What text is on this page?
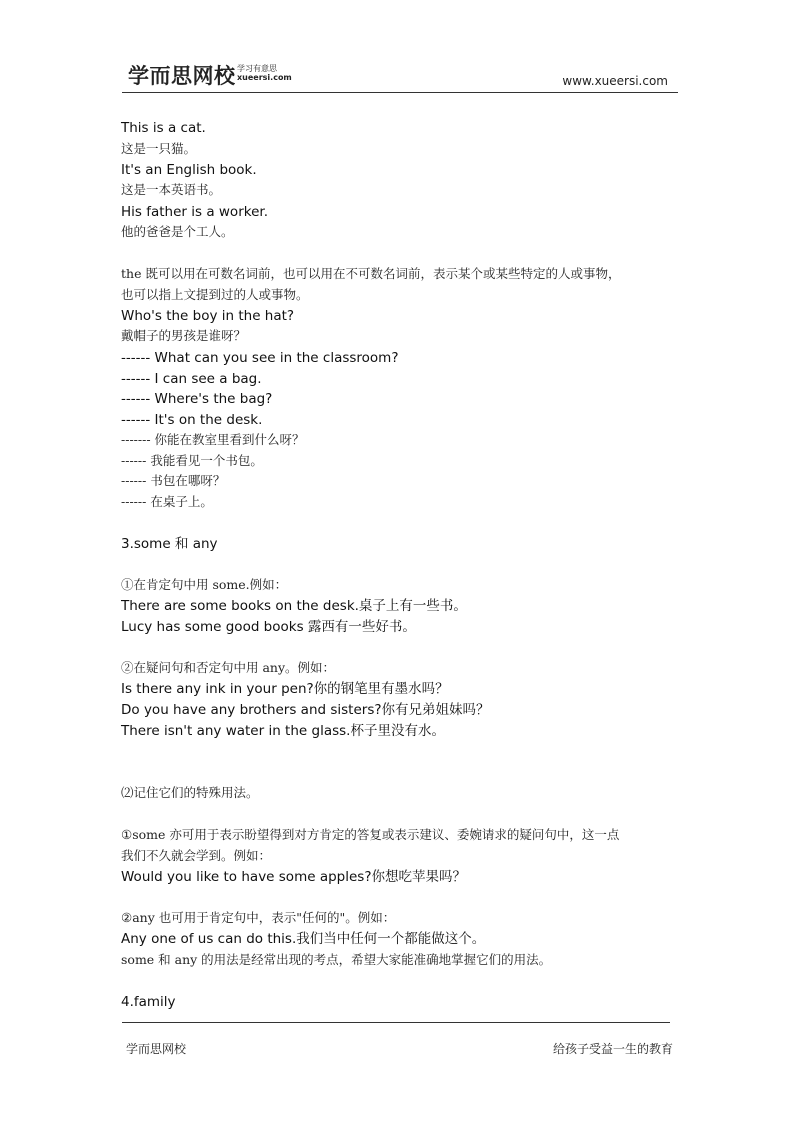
学而思网校 学习有意思
xueersi.com	www.xueersi.com
This is a cat.
这是一只猫。
It's an English book.
这是一本英语书。
His father is a worker.
他的爸爸是个工人。
the 既可以用在可数名词前，也可以用在不可数名词前，表示某个或某些特定的人或事物，
也可以指上文提到过的人或事物。
Who's the boy in the hat?
戴帽子的男孩是谁呀？
------ What can you see in the classroom?
------ I can see a bag.
------ Where's the bag?
------ It's on the desk.
------- 你能在教室里看到什么呀？
------ 我能看见一个书包。
------ 书包在哪呀？
------ 在桌子上。
3.some 和 any
①在肯定句中用 some.例如：
There are some books on the desk.桌子上有一些书。
Lucy has some good books 露西有一些好书。
②在疑问句和否定句中用 any。例如：
Is there any ink in your pen?你的钢笔里有墨水吗？
Do you have any brothers and sisters?你有兄弟姐妹吗？
There isn't any water in the glass.杯子里没有水。
⑵记住它们的特殊用法。
①some 亦可用于表示盼望得到对方肯定的答复或表示建议、委婉请求的疑问句中，这一点
我们不久就会学到。例如：
Would you like to have some apples?你想吃苹果吗？
②any 也可用于肯定句中，表示"任何的"。例如：
Any one of us can do this.我们当中任何一个都能做这个。
some 和 any 的用法是经常出现的考点，希望大家能准确地掌握它们的用法。
4.family
学而思网校	给孩子受益一生的教育
